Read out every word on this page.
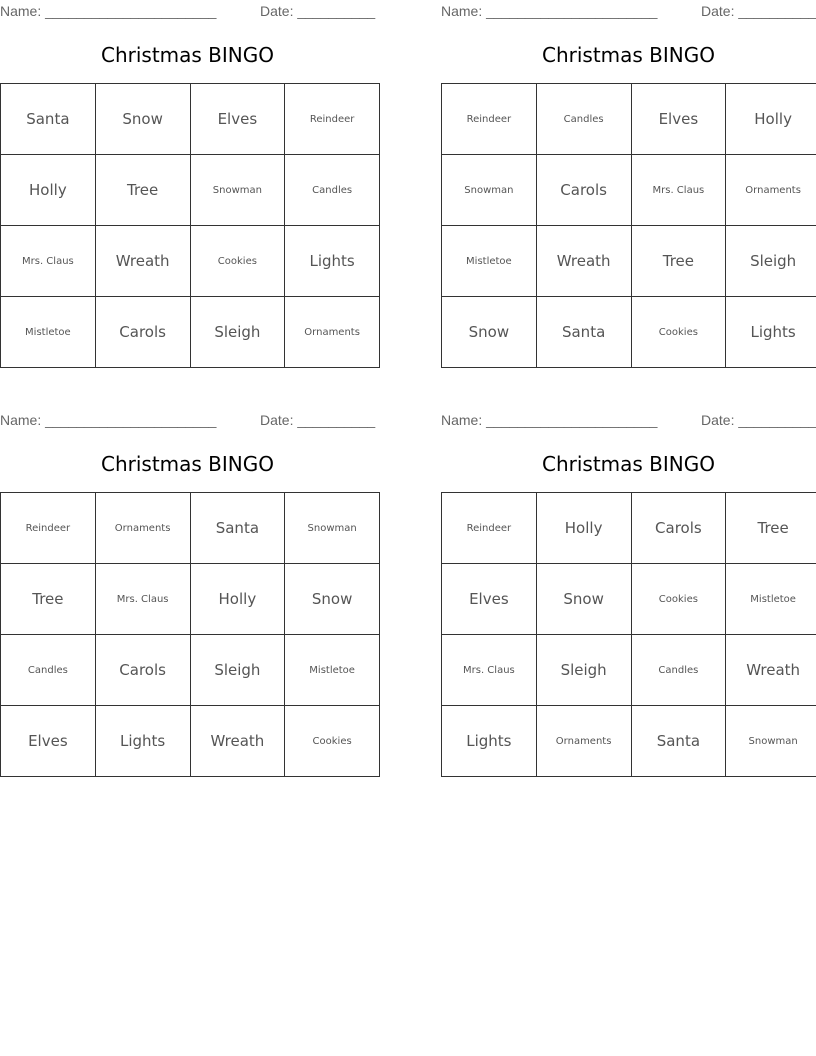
Name: ______________________	Date: __________
Christmas BINGO
Santa	Snow	Elves	Reindeer
Holly	Tree	Snowman	Candles
Mrs. Claus	Wreath	Cookies	Lights
Mistletoe	Carols	Sleigh	Ornaments
Name: ______________________	Date: __________
Christmas BINGO
Reindeer	Candles	Elves	Holly
Snowman	Carols	Mrs. Claus	Ornaments
Mistletoe	Wreath	Tree	Sleigh
Snow	Santa	Cookies	Lights
Name: ______________________	Date: __________
Christmas BINGO
Reindeer	Ornaments	Santa	Snowman
Tree	Mrs. Claus	Holly	Snow
Candles	Carols	Sleigh	Mistletoe
Elves	Lights	Wreath	Cookies
Name: ______________________	Date: __________
Christmas BINGO
Reindeer	Holly	Carols	Tree
Elves	Snow	Cookies	Mistletoe
Mrs. Claus	Sleigh	Candles	Wreath
Lights	Ornaments	Santa	Snowman
